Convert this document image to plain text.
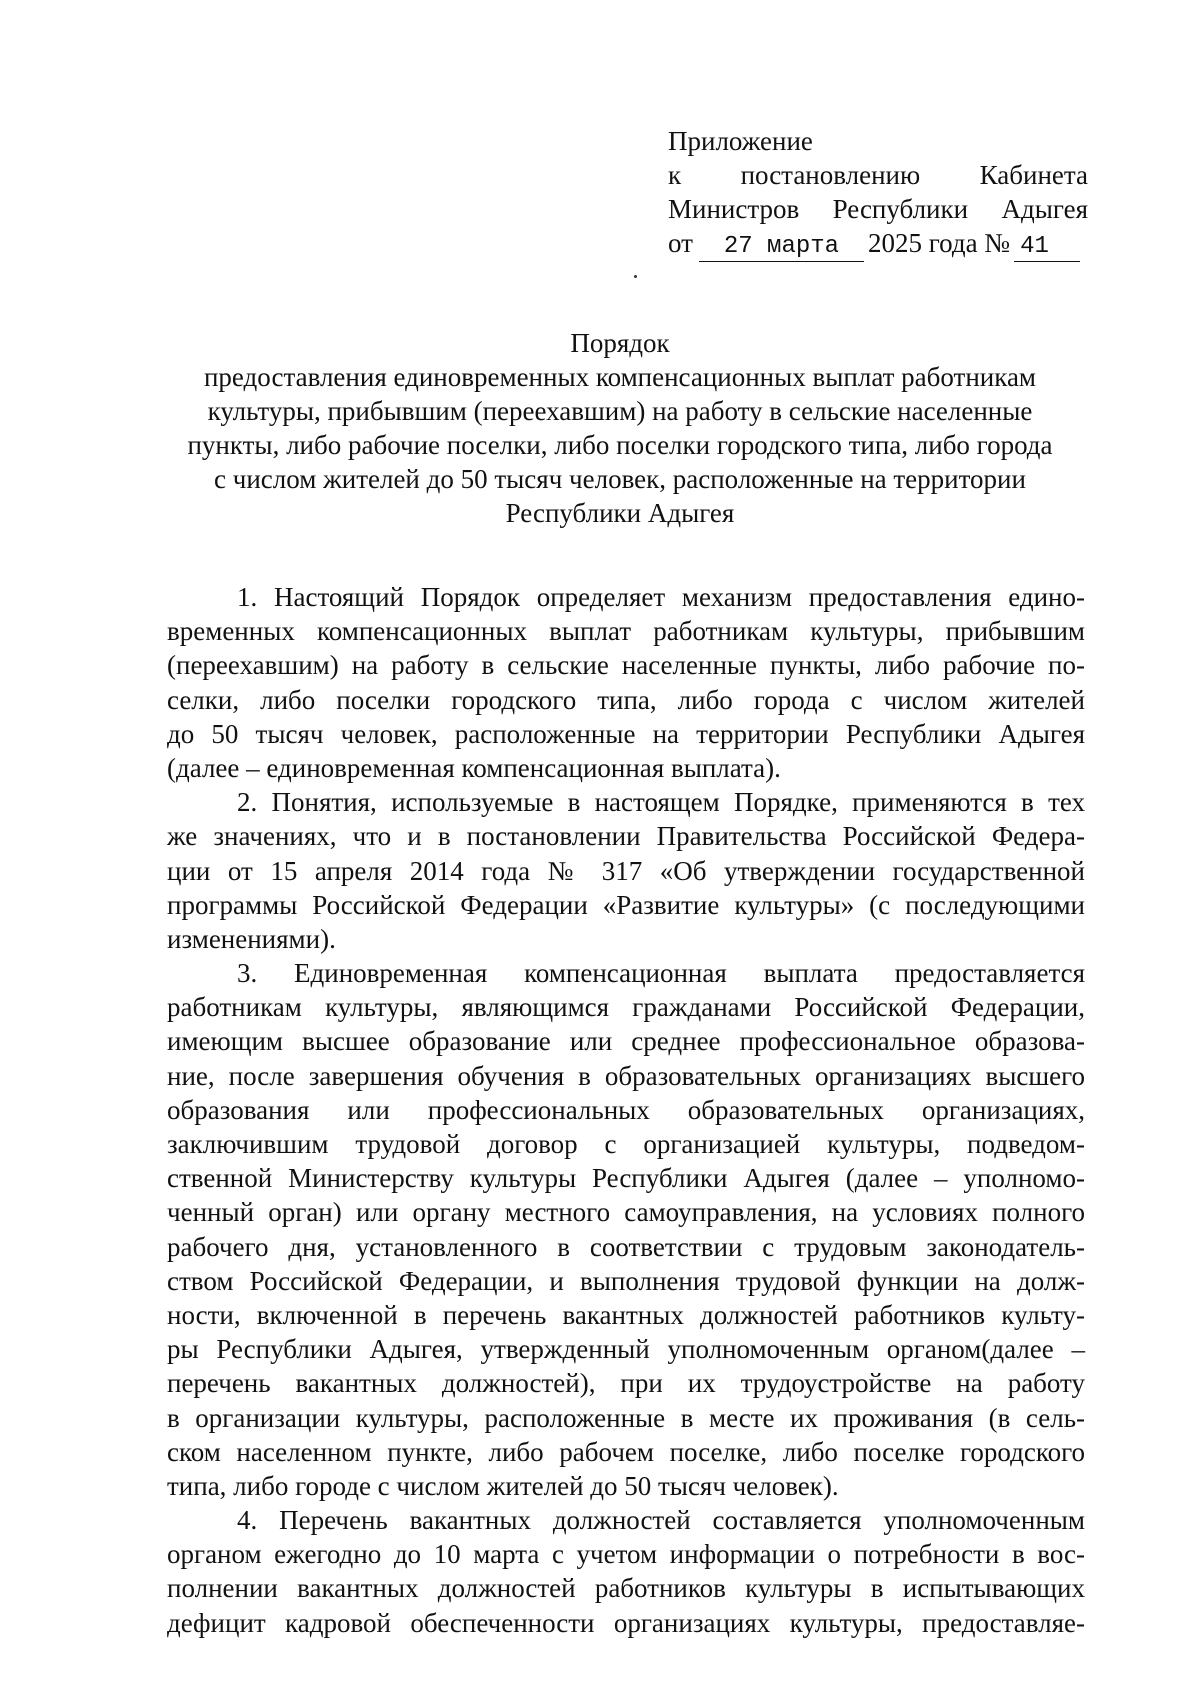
Приложение
к постановлению Кабинета
Министров Республики Адыгея
от	27 марта	2025 года № 41
Порядок
предоставления единовременных компенсационных выплат работникам
культуры, прибывшим (переехавшим) на работу в сельские населенные
пункты, либо рабочие поселки, либо поселки городского типа, либо города
с числом жителей до 50 тысяч человек, расположенные на территории
Республики Адыгея
1. Настоящий Порядок определяет механизм предоставления едино-
временных компенсационных выплат работникам культуры, прибывшим
(переехавшим) на работу в сельские населенные пункты, либо рабочие по-
селки, либо поселки городского типа, либо города с числом жителей
до 50 тысяч человек, расположенные на территории Республики Адыгея
(далее – единовременная компенсационная выплата).
2. Понятия, используемые в настоящем Порядке, применяются в тех
же значениях, что и в постановлении Правительства Российской Федера-
ции от 15 апреля 2014 года № 317 «Об утверждении государственной
программы Российской Федерации «Развитие культуры» (с последующими
изменениями).
3. Единовременная компенсационная выплата предоставляется
работникам культуры, являющимся гражданами Российской Федерации,
имеющим высшее образование или среднее профессиональное образова-
ние, после завершения обучения в образовательных организациях высшего
образования или профессиональных образовательных организациях,
заключившим трудовой договор с организацией культуры, подведом-
ственной Министерству культуры Республики Адыгея (далее – уполномо-
ченный орган) или органу местного самоуправления, на условиях полного
рабочего дня, установленного в соответствии с трудовым законодатель-
ством Российской Федерации, и выполнения трудовой функции на долж-
ности, включенной в перечень вакантных должностей работников культу-
ры Республики Адыгея, утвержденный уполномоченным органом(далее –
перечень вакантных должностей), при их трудоустройстве на работу
в организации культуры, расположенные в месте их проживания (в сель-
ском населенном пункте, либо рабочем поселке, либо поселке городского
типа, либо городе с числом жителей до 50 тысяч человек).
4. Перечень вакантных должностей составляется уполномоченным
органом ежегодно до 10 марта с учетом информации о потребности в вос-
полнении вакантных должностей работников культуры в испытывающих
дефицит кадровой обеспеченности организациях культуры, предоставляе-
